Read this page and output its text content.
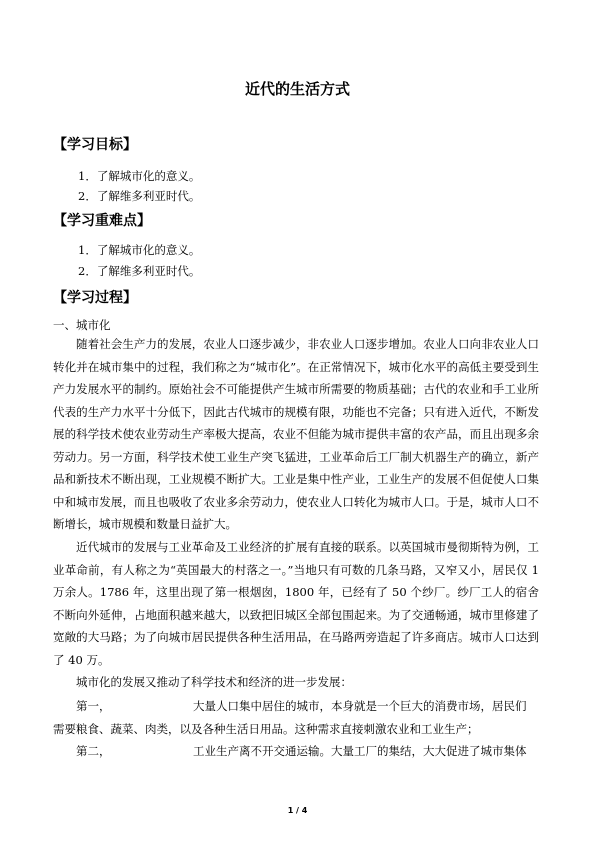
近代的生活方式
【学习目标】
1．了解城市化的意义。
2．了解维多利亚时代。
【学习重难点】
1．了解城市化的意义。
2．了解维多利亚时代。
【学习过程】
一、城市化

随着社会生产力的发展，农业人口逐步减少，非农业人口逐步增加。农业人口向非农业人口转化并在城市集中的过程，我们称之为“城市化”。在正常情况下，城市化水平的高低主要受到生产力发展水平的制约。原始社会不可能提供产生城市所需要的物质基础；古代的农业和手工业所代表的生产力水平十分低下，因此古代城市的规模有限，功能也不完备；只有进入近代，不断发展的科学技术使农业劳动生产率极大提高，农业不但能为城市提供丰富的农产品，而且出现多余劳动力。另一方面，科学技术使工业生产突飞猛进，工业革命后工厂制大机器生产的确立，新产品和新技术不断出现，工业规模不断扩大。工业是集中性产业，工业生产的发展不但促使人口集中和城市发展，而且也吸收了农业多余劳动力，使农业人口转化为城市人口。于是，城市人口不断增长，城市规模和数量日益扩大。

近代城市的发展与工业革命及工业经济的扩展有直接的联系。以英国城市曼彻斯特为例，工业革命前，有人称之为“英国最大的村落之一。”当地只有可数的几条马路，又窄又小，居民仅 1 万余人。1786 年，这里出现了第一根烟囱，1800 年，已经有了 50 个纱厂。纱厂工人的宿舍不断向外延伸，占地面积越来越大，以致把旧城区全部包围起来。为了交通畅通，城市里修建了宽敞的大马路；为了向城市居民提供各种生活用品，在马路两旁造起了许多商店。城市人口达到了 40 万。

城市化的发展又推动了科学技术和经济的进一步发展：

第一，	大量人口集中居住的城市，本身就是一个巨大的消费市场，居民们
需要粮食、蔬菜、肉类，以及各种生活日用品。这种需求直接刺激农业和工业生产；
第二，	工业生产离不开交通运输。大量工厂的集结，大大促进了城市集体
1 / 4
